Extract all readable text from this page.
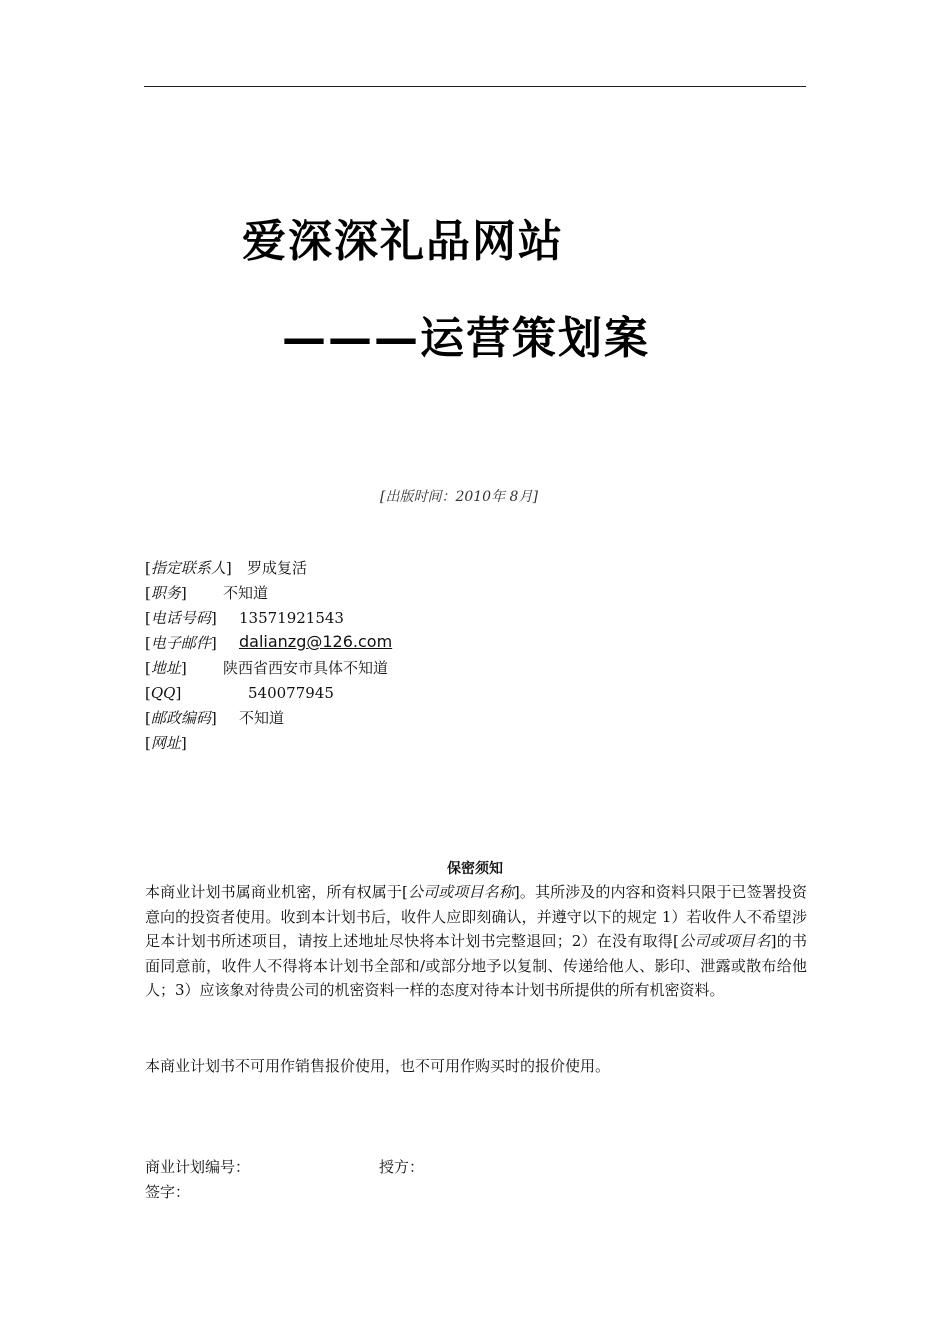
爱深深礼品网站
———运营策划案
[出版时间：2010年 8月]
[指定联系人] 罗成复活
[职务] 不知道
[电话号码] 13571921543
[电子邮件] dalianzg@126.com
[地址] 陕西省西安市具体不知道
[QQ]	540077945
[邮政编码] 不知道
[网址]
保密须知
本商业计划书属商业机密，所有权属于[公司或项目名称]。其所涉及的内容和资料只限于已签署投资意向的投资者使用。收到本计划书后，收件人应即刻确认，并遵守以下的规定 1）若收件人不希望涉足本计划书所述项目，请按上述地址尽快将本计划书完整退回；2）在没有取得[公司或项目名]的书面同意前，收件人不得将本计划书全部和/或部分地予以复制、传递给他人、影印、泄露或散布给他人；3）应该象对待贵公司的机密资料一样的态度对待本计划书所提供的所有机密资料。
本商业计划书不可用作销售报价使用，也不可用作购买时的报价使用。
商业计划编号：	授方：
签字：
